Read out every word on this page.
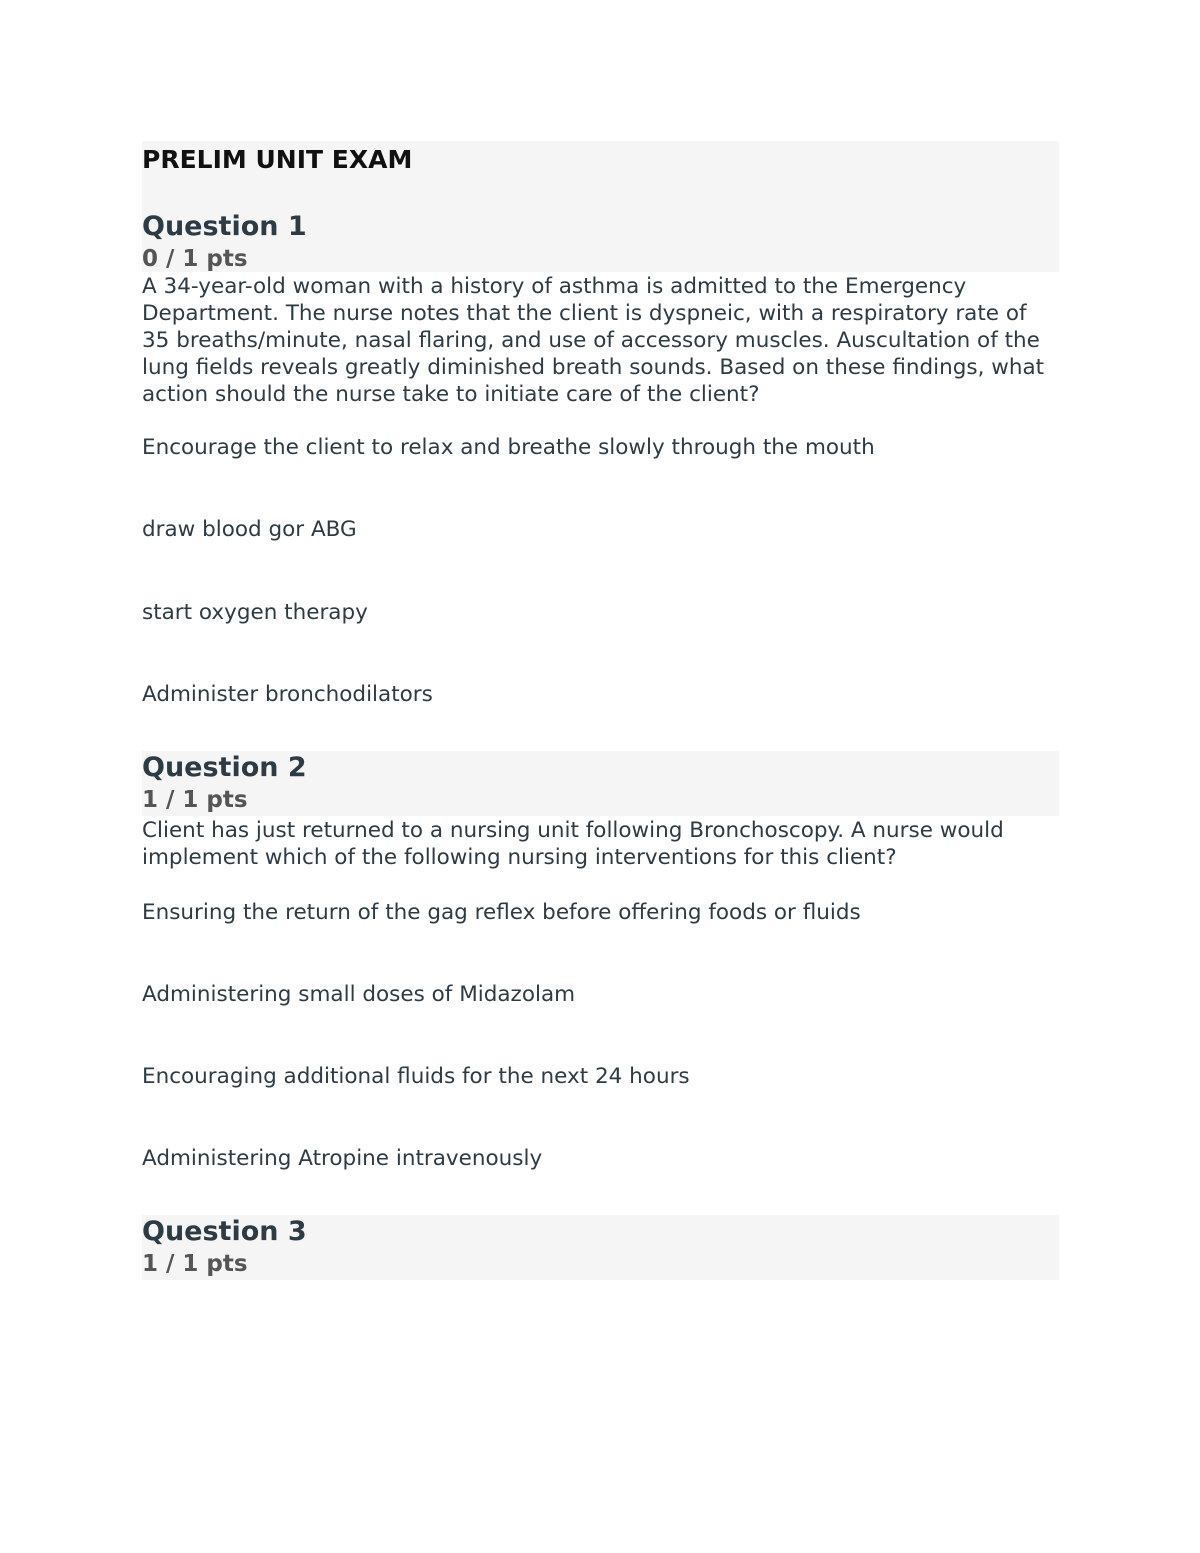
PRELIM UNIT EXAM
Question 1
0 / 1 pts
A 34-year-old woman with a history of asthma is admitted to the Emergency Department. The nurse notes that the client is dyspneic, with a respiratory rate of 35 breaths/minute, nasal flaring, and use of accessory muscles. Auscultation of the lung fields reveals greatly diminished breath sounds. Based on these findings, what action should the nurse take to initiate care of the client?
Encourage the client to relax and breathe slowly through the mouth
draw blood gor ABG
start oxygen therapy
Administer bronchodilators
Question 2
1 / 1 pts
Client has just returned to a nursing unit following Bronchoscopy. A nurse would implement which of the following nursing interventions for this client?
Ensuring the return of the gag reflex before offering foods or fluids
Administering small doses of Midazolam
Encouraging additional fluids for the next 24 hours
Administering Atropine intravenously
Question 3
1 / 1 pts
